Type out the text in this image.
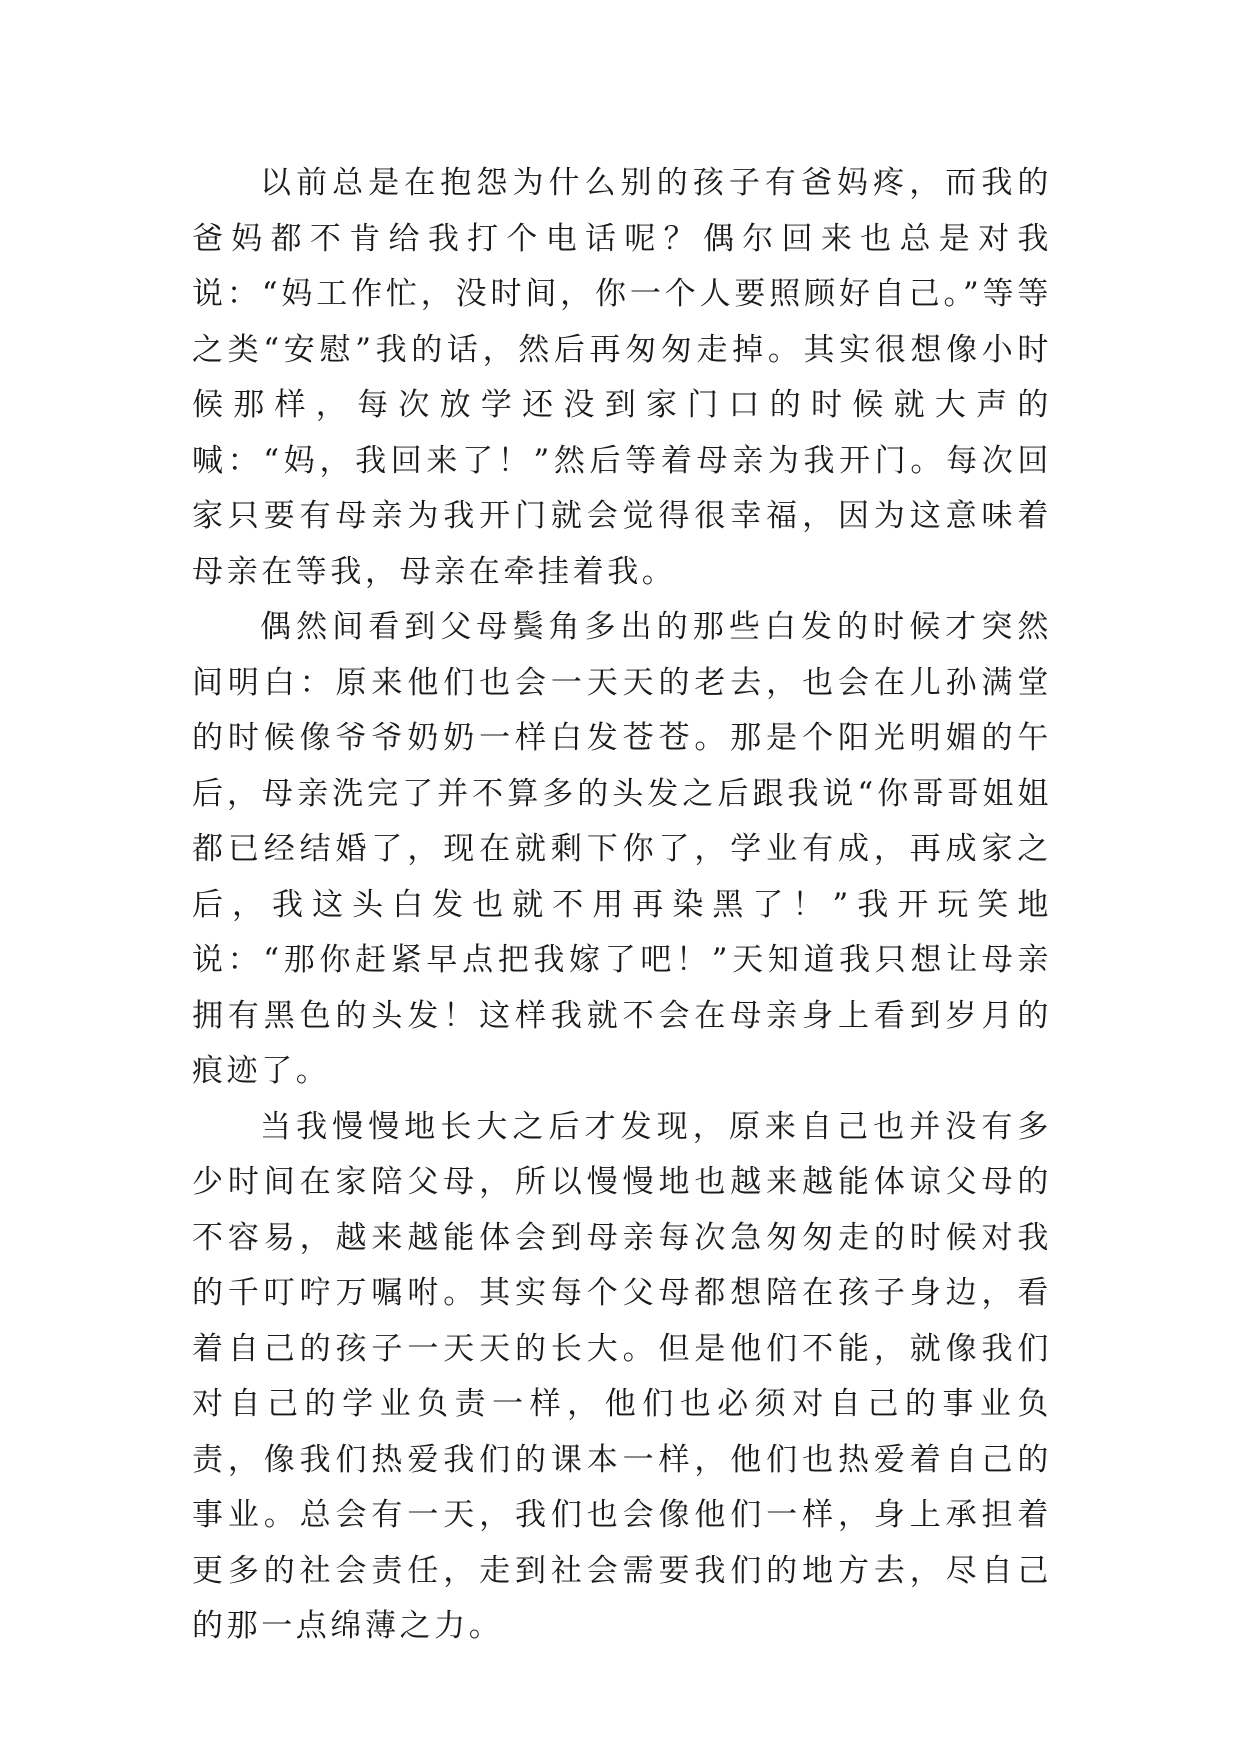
以前总是在抱怨为什么别的孩子有爸妈疼，而我的爸妈都不肯给我打个电话呢？偶尔回来也总是对我说：“妈工作忙，没时间，你一个人要照顾好自己。”等等之类“安慰”我的话，然后再匆匆走掉。其实很想像小时候那样，每次放学还没到家门口的时候就大声的喊：“妈，我回来了！”然后等着母亲为我开门。每次回家只要有母亲为我开门就会觉得很幸福，因为这意味着母亲在等我，母亲在牵挂着我。

偶然间看到父母鬓角多出的那些白发的时候才突然间明白：原来他们也会一天天的老去，也会在儿孙满堂的时候像爷爷奶奶一样白发苍苍。那是个阳光明媚的午后，母亲洗完了并不算多的头发之后跟我说“你哥哥姐姐都已经结婚了，现在就剩下你了，学业有成，再成家之后，我这头白发也就不用再染黑了！”我开玩笑地说：“那你赶紧早点把我嫁了吧！”天知道我只想让母亲拥有黑色的头发！这样我就不会在母亲身上看到岁月的痕迹了。

当我慢慢地长大之后才发现，原来自己也并没有多少时间在家陪父母，所以慢慢地也越来越能体谅父母的不容易，越来越能体会到母亲每次急匆匆走的时候对我的千叮咛万嘱咐。其实每个父母都想陪在孩子身边，看着自己的孩子一天天的长大。但是他们不能，就像我们对自己的学业负责一样，他们也必须对自己的事业负责，像我们热爱我们的课本一样，他们也热爱着自己的事业。总会有一天，我们也会像他们一样，身上承担着更多的社会责任，走到社会需要我们的地方去，尽自己的那一点绵薄之力。
